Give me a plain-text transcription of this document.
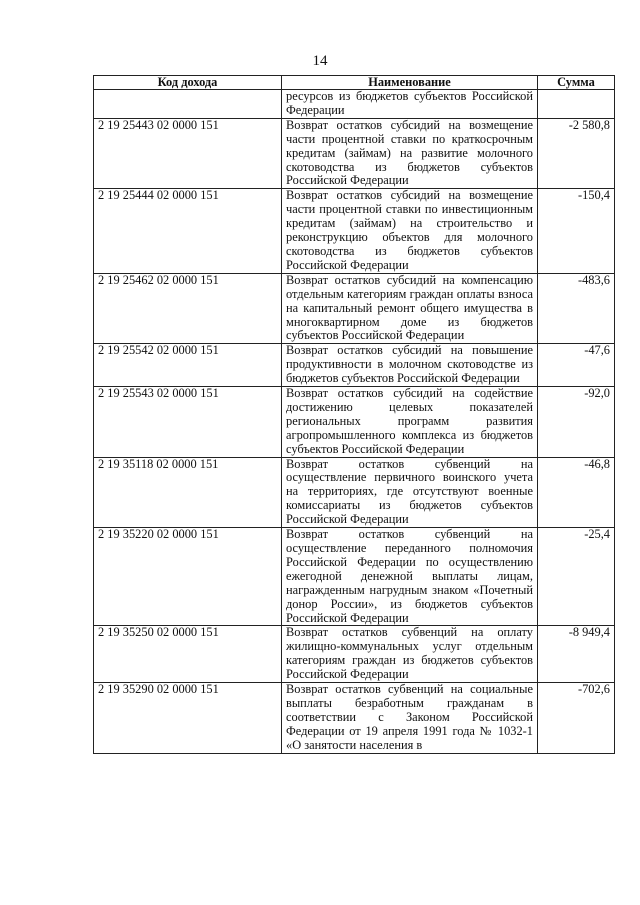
14
Код дохода	Наименование	Сумма
	ресурсов из бюджетов субъектов Российской Федерации	
2 19 25443 02 0000 151	Возврат остатков субсидий на возмещение части процентной ставки по краткосрочным кредитам (займам) на развитие молочного скотоводства из бюджетов субъектов Российской Федерации	-2 580,8
2 19 25444 02 0000 151	Возврат остатков субсидий на возмещение части процентной ставки по инвестиционным кредитам (займам) на строительство и реконструкцию объектов для молочного скотоводства из бюджетов субъектов Российской Федерации	-150,4
2 19 25462 02 0000 151	Возврат остатков субсидий на компенсацию отдельным категориям граждан оплаты взноса на капитальный ремонт общего имущества в многоквартирном доме из бюджетов субъектов Российской Федерации	-483,6
2 19 25542 02 0000 151	Возврат остатков субсидий на повышение продуктивности в молочном скотоводстве из бюджетов субъектов Российской Федерации	-47,6
2 19 25543 02 0000 151	Возврат остатков субсидий на содействие достижению целевых показателей региональных программ развития агропромышленного комплекса из бюджетов субъектов Российской Федерации	-92,0
2 19 35118 02 0000 151	Возврат остатков субвенций на осуществление первичного воинского учета на территориях, где отсутствуют военные комиссариаты из бюджетов субъектов Российской Федерации	-46,8
2 19 35220 02 0000 151	Возврат остатков субвенций на осуществление переданного полномочия Российской Федерации по осуществлению ежегодной денежной выплаты лицам, награжденным нагрудным знаком «Почетный донор России», из бюджетов субъектов Российской Федерации	-25,4
2 19 35250 02 0000 151	Возврат остатков субвенций на оплату жилищно-коммунальных услуг отдельным категориям граждан из бюджетов субъектов Российской Федерации	-8 949,4
2 19 35290 02 0000 151	Возврат остатков субвенций на социальные выплаты безработным гражданам в соответствии с Законом Российской Федерации от 19 апреля 1991 года № 1032-1 «О занятости населения в	-702,6
